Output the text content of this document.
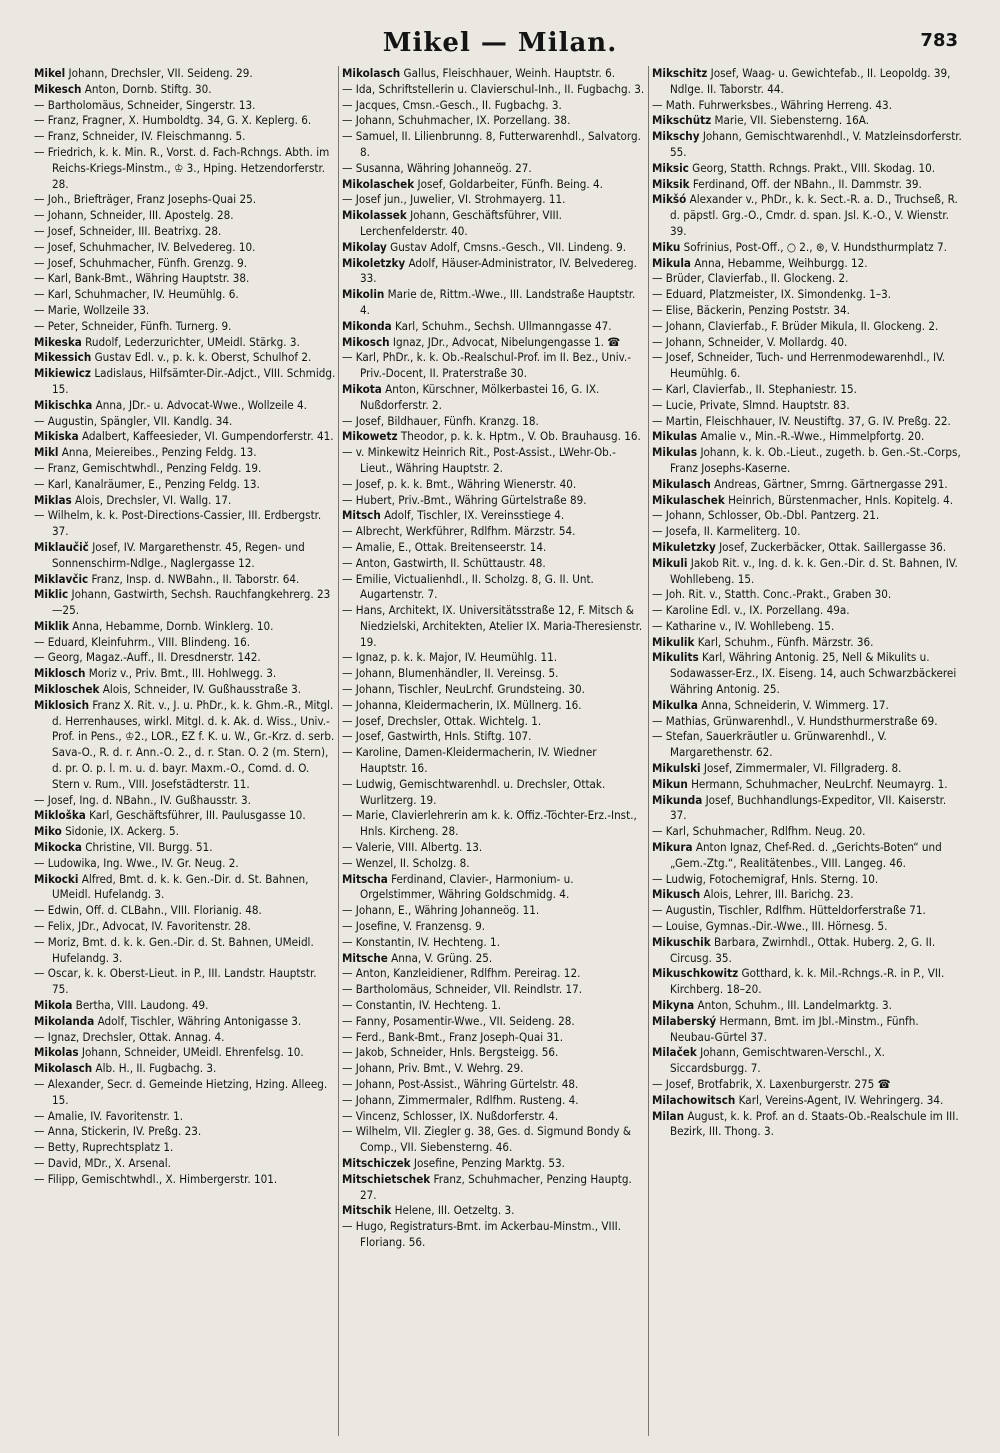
Mikel — Milan.	783

Mikel Johann, Drechsler, VII. Seideng. 29.

Mikesch Anton, Dornb. Stiftg. 30.

— Bartholomäus, Schneider, Singerstr. 13.

— Franz, Fragner, X. Humboldtg. 34, G. X. Keplerg. 6.

— Franz, Schneider, IV. Fleischmanng. 5.

— Friedrich, k. k. Min. R., Vorst. d. Fach-Rchngs. Abth. im Reichs-Kriegs-Minstm., ♔ 3., Hping. Hetzendorferstr. 28.

— Joh., Briefträger, Franz Josephs-Quai 25.

— Johann, Schneider, III. Apostelg. 28.

— Josef, Schneider, III. Beatrixg. 28.

— Josef, Schuhmacher, IV. Belvedereg. 10.

— Josef, Schuhmacher, Fünfh. Grenzg. 9.

— Karl, Bank-Bmt., Währing Hauptstr. 38.

— Karl, Schuhmacher, IV. Heumühlg. 6.

— Marie, Wollzeile 33.

— Peter, Schneider, Fünfh. Turnerg. 9.

Mikeska Rudolf, Lederzurichter, UMeidl. Stärkg. 3.

Mikessich Gustav Edl. v., p. k. k. Oberst, Schulhof 2.

Mikiewicz Ladislaus, Hilfsämter-Dir.-Adjct., VIII. Schmidg. 15.

Mikischka Anna, JDr.- u. Advocat-Wwe., Wollzeile 4.

— Augustin, Spängler, VII. Kandlg. 34.

Mikiska Adalbert, Kaffeesieder, VI. Gumpendorferstr. 41.

Mikl Anna, Meiereibes., Penzing Feldg. 13.

— Franz, Gemischtwhdl., Penzing Feldg. 19.

— Karl, Kanalräumer, E., Penzing Feldg. 13.

Miklas Alois, Drechsler, VI. Wallg. 17.

— Wilhelm, k. k. Post-Directions-Cassier, III. Erdbergstr. 37.

Miklaučič Josef, IV. Margarethenstr. 45, Regen- und Sonnenschirm-Ndlge., Naglergasse 12.

Miklavčic Franz, Insp. d. NWBahn., II. Taborstr. 64.

Miklic Johann, Gastwirth, Sechsh. Rauchfangkehrerg. 23—25.

Miklik Anna, Hebamme, Dornb. Winklerg. 10.

— Eduard, Kleinfuhrm., VIII. Blindeng. 16.

— Georg, Magaz.-Auff., II. Dresdnerstr. 142.

Miklosch Moriz v., Priv. Bmt., III. Hohlwegg. 3.

Mikloschek Alois, Schneider, IV. Gußhausstraße 3.

Miklosich Franz X. Rit. v., J. u. PhDr., k. k. Ghm.-R., Mitgl. d. Herrenhauses, wirkl. Mitgl. d. k. Ak. d. Wiss., Univ.-Prof. in Pens., ♔2., LOR., EZ f. K. u. W., Gr.-Krz. d. serb. Sava-O., R. d. r. Ann.-O. 2., d. r. Stan. O. 2 (m. Stern), d. pr. O. p. l. m. u. d. bayr. Maxm.-O., Comd. d. O. Stern v. Rum., VIII. Josefstädterstr. 11.

— Josef, Ing. d. NBahn., IV. Gußhausstr. 3.

Mikloška Karl, Geschäftsführer, III. Paulusgasse 10.

Miko Sidonie, IX. Ackerg. 5.

Mikocka Christine, VII. Burgg. 51.

— Ludowika, Ing. Wwe., IV. Gr. Neug. 2.

Mikocki Alfred, Bmt. d. k. k. Gen.-Dir. d. St. Bahnen, UMeidl. Hufelandg. 3.

— Edwin, Off. d. CLBahn., VIII. Florianig. 48.

— Felix, JDr., Advocat, IV. Favoritenstr. 28.

— Moriz, Bmt. d. k. k. Gen.-Dir. d. St. Bahnen, UMeidl. Hufelandg. 3.

— Oscar, k. k. Oberst-Lieut. in P., III. Landstr. Hauptstr. 75.

Mikola Bertha, VIII. Laudong. 49.

Mikolanda Adolf, Tischler, Währing Antonigasse 3.

— Ignaz, Drechsler, Ottak. Annag. 4.

Mikolas Johann, Schneider, UMeidl. Ehrenfelsg. 10.

Mikolasch Alb. H., II. Fugbachg. 3.

— Alexander, Secr. d. Gemeinde Hietzing, Hzing. Alleeg. 15.

— Amalie, IV. Favoritenstr. 1.

— Anna, Stickerin, IV. Preßg. 23.

— Betty, Ruprechtsplatz 1.

— David, MDr., X. Arsenal.

— Filipp, Gemischtwhdl., X. Himbergerstr. 101.

Mikolasch Gallus, Fleischhauer, Weinh. Hauptstr. 6.

— Ida, Schriftstellerin u. Clavierschul-Inh., II. Fugbachg. 3.

— Jacques, Cmsn.-Gesch., II. Fugbachg. 3.

— Johann, Schuhmacher, IX. Porzellang. 38.

— Samuel, II. Lilienbrunng. 8, Futterwarenhdl., Salvatorg. 8.

— Susanna, Währing Johanneög. 27.

Mikolaschek Josef, Goldarbeiter, Fünfh. Being. 4.

— Josef jun., Juwelier, VI. Strohmayerg. 11.

Mikolassek Johann, Geschäftsführer, VIII. Lerchenfelderstr. 40.

Mikolay Gustav Adolf, Cmsns.-Gesch., VII. Lindeng. 9.

Mikoletzky Adolf, Häuser-Administrator, IV. Belvedereg. 33.

Mikolin Marie de, Rittm.-Wwe., III. Landstraße Hauptstr. 4.

Mikonda Karl, Schuhm., Sechsh. Ullmanngasse 47.

Mikosch Ignaz, JDr., Advocat, Nibelungengasse 1. ☎

— Karl, PhDr., k. k. Ob.-Realschul-Prof. im II. Bez., Univ.-Priv.-Docent, II. Praterstraße 30.

Mikota Anton, Kürschner, Mölkerbastei 16, G. IX. Nußdorferstr. 2.

— Josef, Bildhauer, Fünfh. Kranzg. 18.

Mikowetz Theodor, p. k. k. Hptm., V. Ob. Brauhausg. 16.

— v. Minkewitz Heinrich Rit., Post-Assist., LWehr-Ob.-Lieut., Währing Hauptstr. 2.

— Josef, p. k. k. Bmt., Währing Wienerstr. 40.

— Hubert, Priv.-Bmt., Währing Gürtelstraße 89.

Mitsch Adolf, Tischler, IX. Vereinsstiege 4.

— Albrecht, Werkführer, Rdlfhm. Märzstr. 54.

— Amalie, E., Ottak. Breitenseerstr. 14.

— Anton, Gastwirth, II. Schüttaustr. 48.

— Emilie, Victualienhdl., II. Scholzg. 8, G. II. Unt. Augartenstr. 7.

— Hans, Architekt, IX. Universitätsstraße 12, F. Mitsch & Niedzielski, Architekten, Atelier IX. Maria-Theresienstr. 19.

— Ignaz, p. k. k. Major, IV. Heumühlg. 11.

— Johann, Blumenhändler, II. Vereinsg. 5.

— Johann, Tischler, NeuLrchf. Grundsteing. 30.

— Johanna, Kleidermacherin, IX. Müllnerg. 16.

— Josef, Drechsler, Ottak. Wichtelg. 1.

— Josef, Gastwirth, Hnls. Stiftg. 107.

— Karoline, Damen-Kleidermacherin, IV. Wiedner Hauptstr. 16.

— Ludwig, Gemischtwarenhdl. u. Drechsler, Ottak. Wurlitzerg. 19.

— Marie, Clavierlehrerin am k. k. Offiz.-Töchter-Erz.-Inst., Hnls. Kircheng. 28.

— Valerie, VIII. Albertg. 13.

— Wenzel, II. Scholzg. 8.

Mitscha Ferdinand, Clavier-, Harmonium- u. Orgelstimmer, Währing Goldschmidg. 4.

— Johann, E., Währing Johanneög. 11.

— Josefine, V. Franzensg. 9.

— Konstantin, IV. Hechteng. 1.

Mitsche Anna, V. Grüng. 25.

— Anton, Kanzleidiener, Rdlfhm. Pereirag. 12.

— Bartholomäus, Schneider, VII. Reindlstr. 17.

— Constantin, IV. Hechteng. 1.

— Fanny, Posamentir-Wwe., VII. Seideng. 28.

— Ferd., Bank-Bmt., Franz Joseph-Quai 31.

— Jakob, Schneider, Hnls. Bergsteigg. 56.

— Johann, Priv. Bmt., V. Wehrg. 29.

— Johann, Post-Assist., Währing Gürtelstr. 48.

— Johann, Zimmermaler, Rdlfhm. Rusteng. 4.

— Vincenz, Schlosser, IX. Nußdorferstr. 4.

— Wilhelm, VII. Ziegler g. 38, Ges. d. Sigmund Bondy & Comp., VII. Siebensterng. 46.

Mitschiczek Josefine, Penzing Marktg. 53.

Mitschietschek Franz, Schuhmacher, Penzing Hauptg. 27.

Mitschik Helene, III. Oetzeltg. 3.

— Hugo, Registraturs-Bmt. im Ackerbau-Minstm., VIII. Floriang. 56.

Mikschitz Josef, Waag- u. Gewichtefab., II. Leopoldg. 39, Ndlge. II. Taborstr. 44.

— Math. Fuhrwerksbes., Währing Herreng. 43.

Mikschütz Marie, VII. Siebensterng. 16A.

Mikschy Johann, Gemischtwarenhdl., V. Matzleinsdorferstr. 55.

Miksic Georg, Statth. Rchngs. Prakt., VIII. Skodag. 10.

Miksik Ferdinand, Off. der NBahn., II. Dammstr. 39.

Mikšó Alexander v., PhDr., k. k. Sect.-R. a. D., Truchseß, R. d. päpstl. Grg.-O., Cmdr. d. span. Jsl. K.-O., V. Wienstr. 39.

Miku Sofrinius, Post-Off., ○ 2., ⊛, V. Hundsthurmplatz 7.

Mikula Anna, Hebamme, Weihburgg. 12.

— Brüder, Clavierfab., II. Glockeng. 2.

— Eduard, Platzmeister, IX. Simondenkg. 1–3.

— Elise, Bäckerin, Penzing Poststr. 34.

— Johann, Clavierfab., F. Brüder Mikula, II. Glockeng. 2.

— Johann, Schneider, V. Mollardg. 40.

— Josef, Schneider, Tuch- und Herrenmodewarenhdl., IV. Heumühlg. 6.

— Karl, Clavierfab., II. Stephaniestr. 15.

— Lucie, Private, Slmnd. Hauptstr. 83.

— Martin, Fleischhauer, IV. Neustiftg. 37, G. IV. Preßg. 22.

Mikulas Amalie v., Min.-R.-Wwe., Himmelpfortg. 20.

Mikulas Johann, k. k. Ob.-Lieut., zugeth. b. Gen.-St.-Corps, Franz Josephs-Kaserne.

Mikulasch Andreas, Gärtner, Smrng. Gärtnergasse 291.

Mikulaschek Heinrich, Bürstenmacher, Hnls. Kopitelg. 4.

— Johann, Schlosser, Ob.-Dbl. Pantzerg. 21.

— Josefa, II. Karmeliterg. 10.

Mikuletzky Josef, Zuckerbäcker, Ottak. Saillergasse 36.

Mikuli Jakob Rit. v., Ing. d. k. k. Gen.-Dir. d. St. Bahnen, IV. Wohllebeng. 15.

— Joh. Rit. v., Statth. Conc.-Prakt., Graben 30.

— Karoline Edl. v., IX. Porzellang. 49a.

— Katharine v., IV. Wohllebeng. 15.

Mikulik Karl, Schuhm., Fünfh. Märzstr. 36.

Mikulits Karl, Währing Antonig. 25, Nell & Mikulits u. Sodawasser-Erz., IX. Eiseng. 14, auch Schwarzbäckerei Währing Antonig. 25.

Mikulka Anna, Schneiderin, V. Wimmerg. 17.

— Mathias, Grünwarenhdl., V. Hundsthurmerstraße 69.

— Stefan, Sauerkräutler u. Grünwarenhdl., V. Margarethenstr. 62.

Mikulski Josef, Zimmermaler, VI. Fillgraderg. 8.

Mikun Hermann, Schuhmacher, NeuLrchf. Neumayrg. 1.

Mikunda Josef, Buchhandlungs-Expeditor, VII. Kaiserstr. 37.

— Karl, Schuhmacher, Rdlfhm. Neug. 20.

Mikura Anton Ignaz, Chef-Red. d. „Gerichts-Boten“ und „Gem.-Ztg.“, Realitätenbes., VIII. Langeg. 46.

— Ludwig, Fotochemigraf, Hnls. Sterng. 10.

Mikusch Alois, Lehrer, III. Barichg. 23.

— Augustin, Tischler, Rdlfhm. Hütteldorferstraße 71.

— Louise, Gymnas.-Dir.-Wwe., III. Hörnesg. 5.

Mikuschik Barbara, Zwirnhdl., Ottak. Huberg. 2, G. II. Circusg. 35.

Mikuschkowitz Gotthard, k. k. Mil.-Rchngs.-R. in P., VII. Kirchberg. 18–20.

Mikyna Anton, Schuhm., III. Landelmarktg. 3.

Milaberský Hermann, Bmt. im Jbl.-Minstm., Fünfh. Neubau-Gürtel 37.

Milaček Johann, Gemischtwaren-Verschl., X. Siccardsburgg. 7.

— Josef, Brotfabrik, X. Laxenburgerstr. 275 ☎

Milachowitsch Karl, Vereins-Agent, IV. Wehringerg. 34.

Milan August, k. k. Prof. an d. Staats-Ob.-Realschule im III. Bezirk, III. Thong. 3.
